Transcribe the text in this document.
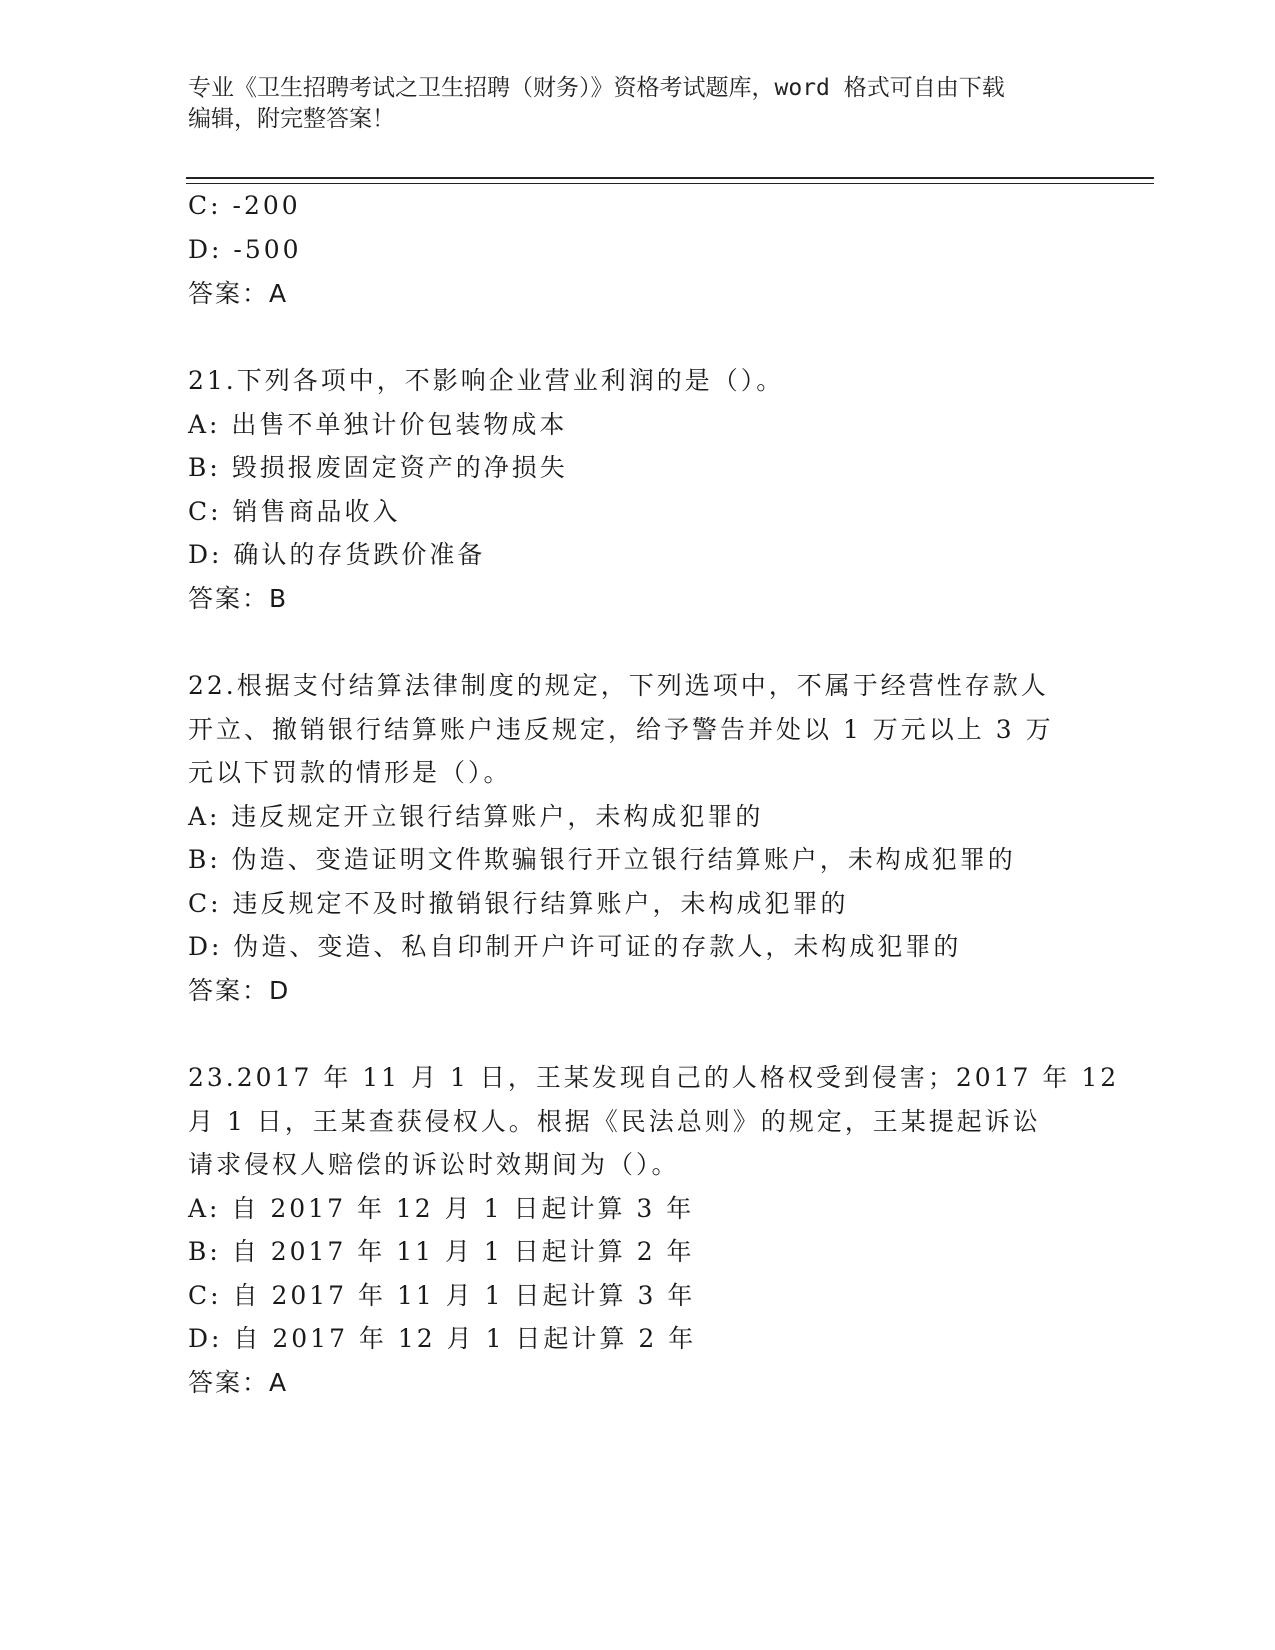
专业《卫生招聘考试之卫生招聘（财务）》资格考试题库，word 格式可自由下载
编辑，附完整答案！
C: -200
D: -500
答案：A
21.下列各项中，不影响企业营业利润的是（）。
A: 出售不单独计价包装物成本
B: 毁损报废固定资产的净损失
C: 销售商品收入
D: 确认的存货跌价准备
答案：B
22.根据支付结算法律制度的规定，下列选项中，不属于经营性存款人
开立、撤销银行结算账户违反规定，给予警告并处以 1 万元以上 3 万
元以下罚款的情形是（）。
A: 违反规定开立银行结算账户，未构成犯罪的
B: 伪造、变造证明文件欺骗银行开立银行结算账户，未构成犯罪的
C: 违反规定不及时撤销银行结算账户，未构成犯罪的
D: 伪造、变造、私自印制开户许可证的存款人，未构成犯罪的
答案：D
23.2017 年 11 月 1 日，王某发现自己的人格权受到侵害；2017 年 12
月 1 日，王某查获侵权人。根据《民法总则》的规定，王某提起诉讼
请求侵权人赔偿的诉讼时效期间为（）。
A: 自 2017 年 12 月 1 日起计算 3 年
B: 自 2017 年 11 月 1 日起计算 2 年
C: 自 2017 年 11 月 1 日起计算 3 年
D: 自 2017 年 12 月 1 日起计算 2 年
答案：A
